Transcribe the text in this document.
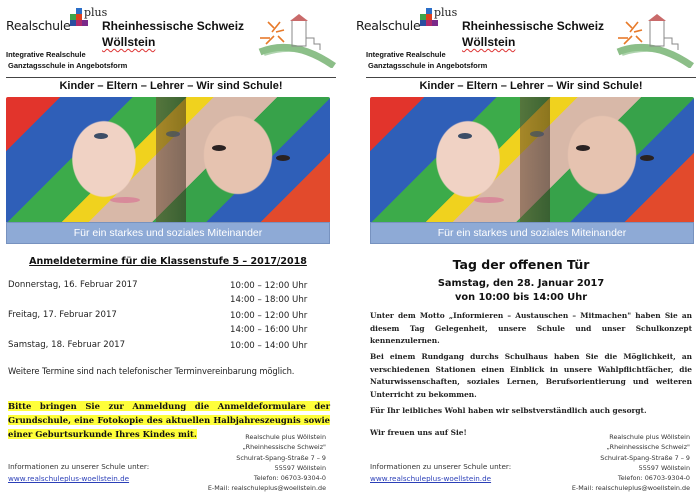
Realschule
plus
Rheinhessische Schweiz
Wöllstein
Integrative Realschule
Ganztagsschule in Angebotsform
Kinder – Eltern – Lehrer – Wir sind Schule!
Für ein starkes und soziales Miteinander
Anmeldetermine für die Klassenstufe 5 – 2017/2018
Donnerstag, 16. Februar 2017	10:00 – 12:00 Uhr
14:00 – 18:00 Uhr
Freitag, 17. Februar 2017	10:00 – 12:00 Uhr
14:00 – 16:00 Uhr
Samstag, 18. Februar 2017	10:00 – 14:00 Uhr
Weitere Termine sind nach telefonischer Terminvereinbarung möglich.
Bitte bringen Sie zur Anmeldung die Anmeldeformulare der Grundschule, eine Fotokopie des aktuellen Halbjahreszeugnis sowie einer Geburtsurkunde Ihres Kindes mit.	Realschule plus Wöllstein
„Rheinhessische Schweiz"
Schulrat-Spang-Straße 7 – 9
55597 Wöllstein
Telefon: 06703-9304-0
E-Mail: realschuleplus@woellstein.de
Informationen zu unserer Schule unter:
www.realschuleplus-woellstein.de
Realschule
plus
Rheinhessische Schweiz
Wöllstein
Integrative Realschule
Ganztagsschule in Angebotsform
Kinder – Eltern – Lehrer – Wir sind Schule!
Für ein starkes und soziales Miteinander
Tag der offenen Tür
Samstag, den 28. Januar 2017
von 10:00 bis 14:00 Uhr
Unter dem Motto „Informieren – Austauschen – Mitmachen" haben Sie an diesem Tag Gelegenheit, unsere Schule und unser Schulkonzept kennenzulernen.
Bei einem Rundgang durchs Schulhaus haben Sie die Möglichkeit, an verschiedenen Stationen einen Einblick in unsere Wahlpflichtfächer, die Naturwissenschaften, soziales Lernen, Berufsorientierung und weiteren Unterricht zu bekommen.
Für Ihr leibliches Wohl haben wir selbstverständlich auch gesorgt.
Wir freuen uns auf Sie!	Realschule plus Wöllstein
„Rheinhessische Schweiz"
Schulrat-Spang-Straße 7 – 9
55597 Wöllstein
Telefon: 06703-9304-0
E-Mail: realschuleplus@woellstein.de
Informationen zu unserer Schule unter:
www.realschuleplus-woellstein.de
